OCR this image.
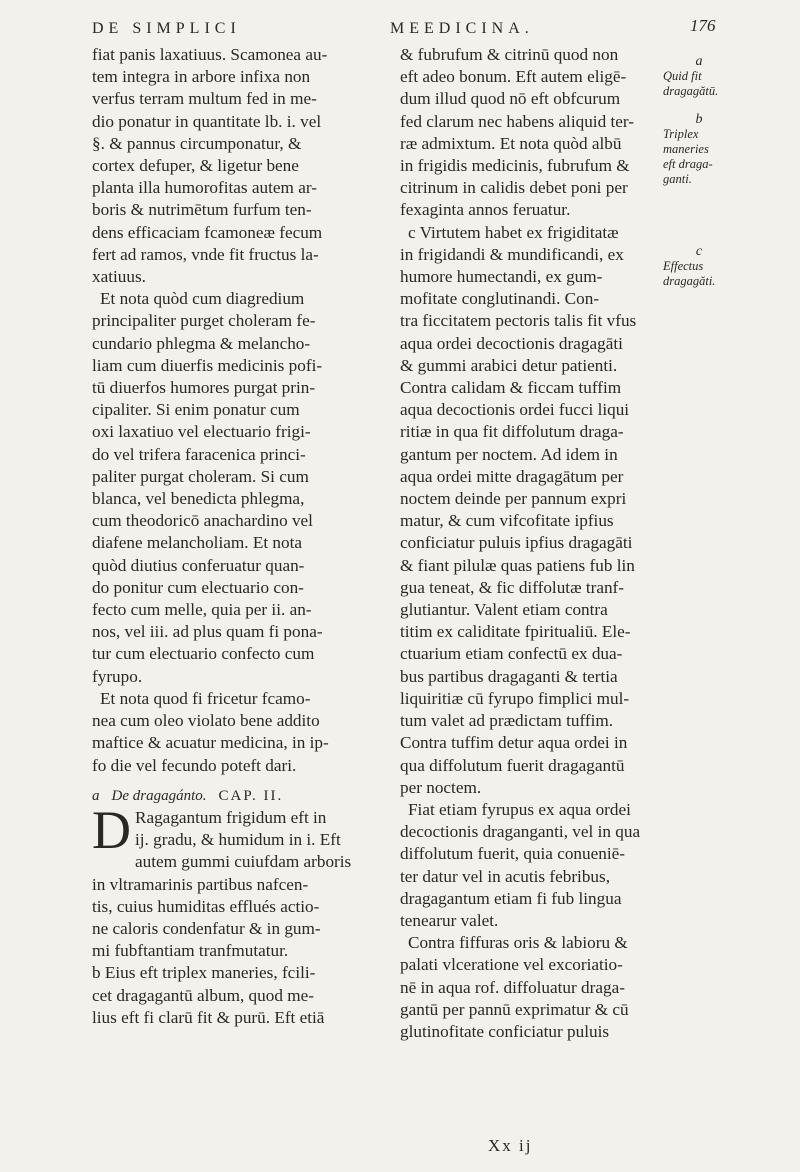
DE SIMPLICI	MEEDICINA.	176

fiat panis laxatiuus. Scamonea au-
tem integra in arbore infixa non
verfus terram multum fed in me-
dio ponatur in quantitate lb. i. vel
§. & pannus circumponatur, &
cortex defuper, & ligetur bene
planta illa humorofitas autem ar-
boris & nutrimētum furfum ten-
dens efficaciam fcamoneæ fecum
fert ad ramos, vnde fit fructus la-
xatiuus.

Et nota quòd cum diagredium
principaliter purget choleram fe-
cundario phlegma & melancho-
liam cum diuerfis medicinis pofi-
tū diuerfos humores purgat prin-
cipaliter. Si enim ponatur cum
oxi laxatiuo vel electuario frigi-
do vel trifera faracenica princi-
paliter purgat choleram. Si cum
blanca, vel benedicta phlegma,
cum theodoricō anachardino vel
diafene melancholiam. Et nota
quòd diutius conferuatur quan-
do ponitur cum electuario con-
fecto cum melle, quia per ii. an-
nos, vel iii. ad plus quam fi pona-
tur cum electuario confecto cum
fyrupo.

Et nota quod fi fricetur fcamo-
nea cum oleo violato bene addito
maftice & acuatur medicina, in ip-
fo die vel fecundo poteft dari.

a De dragagánto. CAP. II.
D Ragagantum frigidum eft in
ij. gradu, & humidum in i. Eft
autem gummi cuiufdam arboris
in vltramarinis partibus nafcen-
tis, cuius humiditas efflués actio-
ne caloris condenfatur & in gum-
mi fubftantiam tranfmutatur.

b Eius eft triplex maneries, fcili-
cet dragagantū album, quod me-
lius eft fi clarū fit & purū. Eft etiā

& fubrufum & citrinū quod non
eft adeo bonum. Eft autem eligē-
dum illud quod nō eft obfcurum
fed clarum nec habens aliquid ter-
ræ admixtum. Et nota quòd albū
in frigidis medicinis, fubrufum &
citrinum in calidis debet poni per
fexaginta annos feruatur.

c Virtutem habet ex frigiditatæ
in frigidandi & mundificandi, ex
humore humectandi, ex gum-
mofitate conglutinandi. Con-
tra ficcitatem pectoris talis fit vfus
aqua ordei decoctionis dragagāti
& gummi arabici detur patienti.
Contra calidam & ficcam tuffim
aqua decoctionis ordei fucci liqui
ritiæ in qua fit diffolutum draga-
gantum per noctem. Ad idem in
aqua ordei mitte dragagātum per
noctem deinde per pannum expri
matur, & cum vifcofitate ipfius
conficiatur puluis ipfius dragagāti
& fiant pilulæ quas patiens fub lin
gua teneat, & fic diffolutæ tranf-
glutiantur. Valent etiam contra
titim ex caliditate fpiritualiū. Ele-
ctuarium etiam confectū ex dua-
bus partibus dragaganti & tertia
liquiritiæ cū fyrupo fimplici mul-
tum valet ad prædictam tuffim.
Contra tuffim detur aqua ordei in
qua diffolutum fuerit dragagantū
per noctem.

Fiat etiam fyrupus ex aqua ordei
decoctionis draganganti, vel in qua
diffolutum fuerit, quia conueniē-
ter datur vel in acutis febribus,
dragagantum etiam fi fub lingua
tenearur valet.

Contra fiffuras oris & labioru &
palati vlceratione vel excoriatio-
nē in aqua rof. diffoluatur draga-
gantū per pannū exprimatur & cū
glutinofitate conficiatur puluis

a
Quid fit
dragagătū.
b
Triplex
maneries
eft draga-
ganti.
c
Effectus
dragagăti.
Xx ij
